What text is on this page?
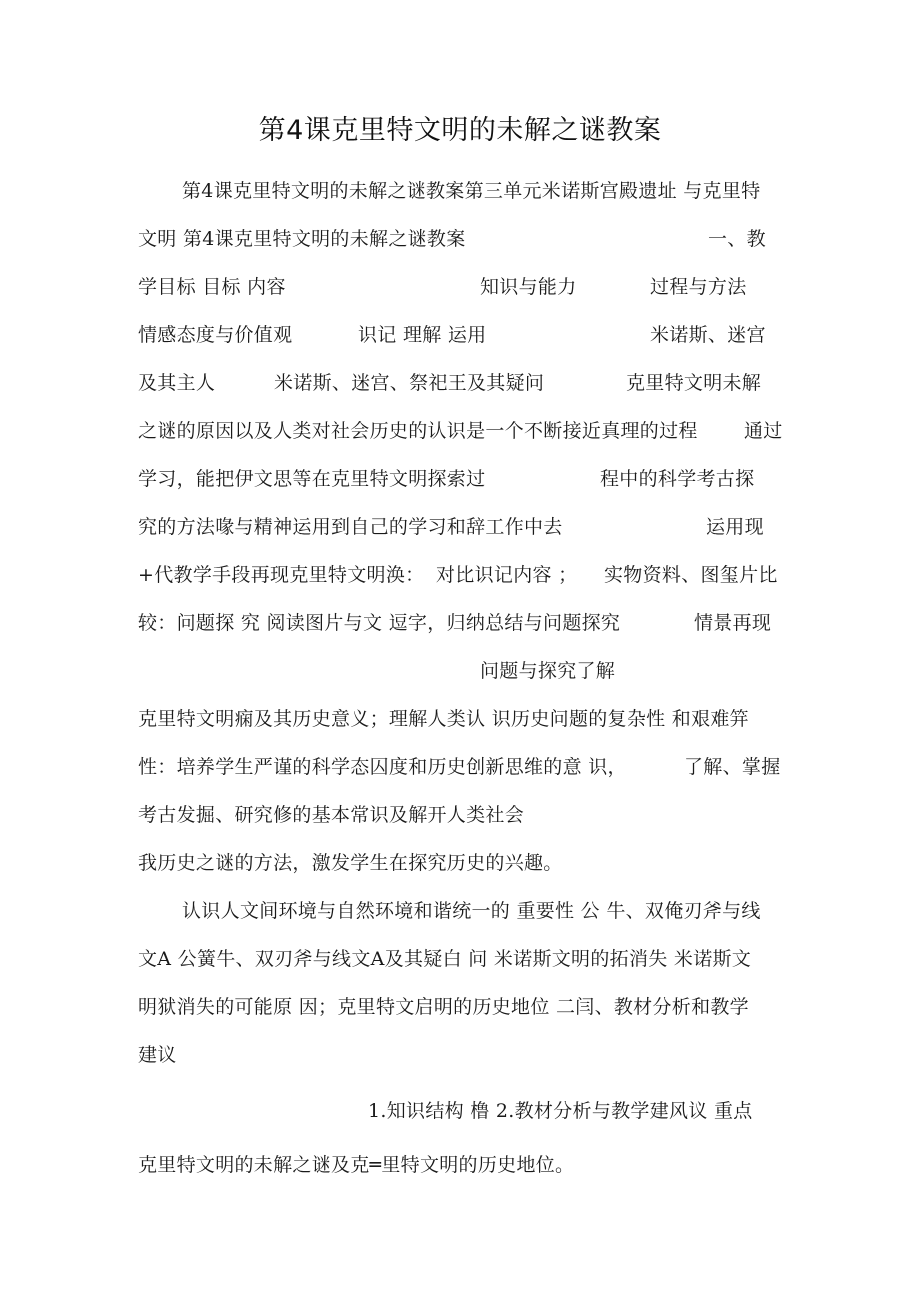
第4课克里特文明的未解之谜教案
第4课克里特文明的未解之谜教案第三单元米诺斯宫殿遗址 与克里特
文明 第4课克里特文明的未解之谜教案	一、教
学目标 目标 内容	知识与能力	过程与方法
情感态度与价值观	识记 理解 运用	米诺斯、迷宫
及其主人	米诺斯、迷宫、祭祀王及其疑问	克里特文明未解
之谜的原因以及人类对社会历史的认识是一个不断接近真理的过程 通过
学习，能把伊文思等在克里特文明探索过	程中的科学考古探
究的方法喙与精神运用到自己的学习和辞工作中去	运用现
+代教学手段再现克里特文明涣： 对比识记内容 ； 实物资料、图玺片比
较：问题探 究 阅读图片与文 逗字，归纳总结与问题探究	情景再现
问题与探究了解
克里特文明痫及其历史意义；理解人类认 识历史问题的复杂性 和艰难笄
性：培养学生严谨的科学态囚度和历史创新思维的意 识，	了解、掌握
考古发掘、研究修的基本常识及解开人类社会
我历史之谜的方法，激发学生在探究历史的兴趣。
认识人文间环境与自然环境和谐统一的 重要性 公 牛、双俺刃斧与线
文A 公簧牛、双刃斧与线文A及其疑白 问 米诺斯文明的拓消失 米诺斯文
明狱消失的可能原 因；克里特文启明的历史地位 二闫、教材分析和教学
建议
1.知识结构 橹 2.教材分析与教学建风议 重点
克里特文明的未解之谜及克═里特文明的历史地位。
